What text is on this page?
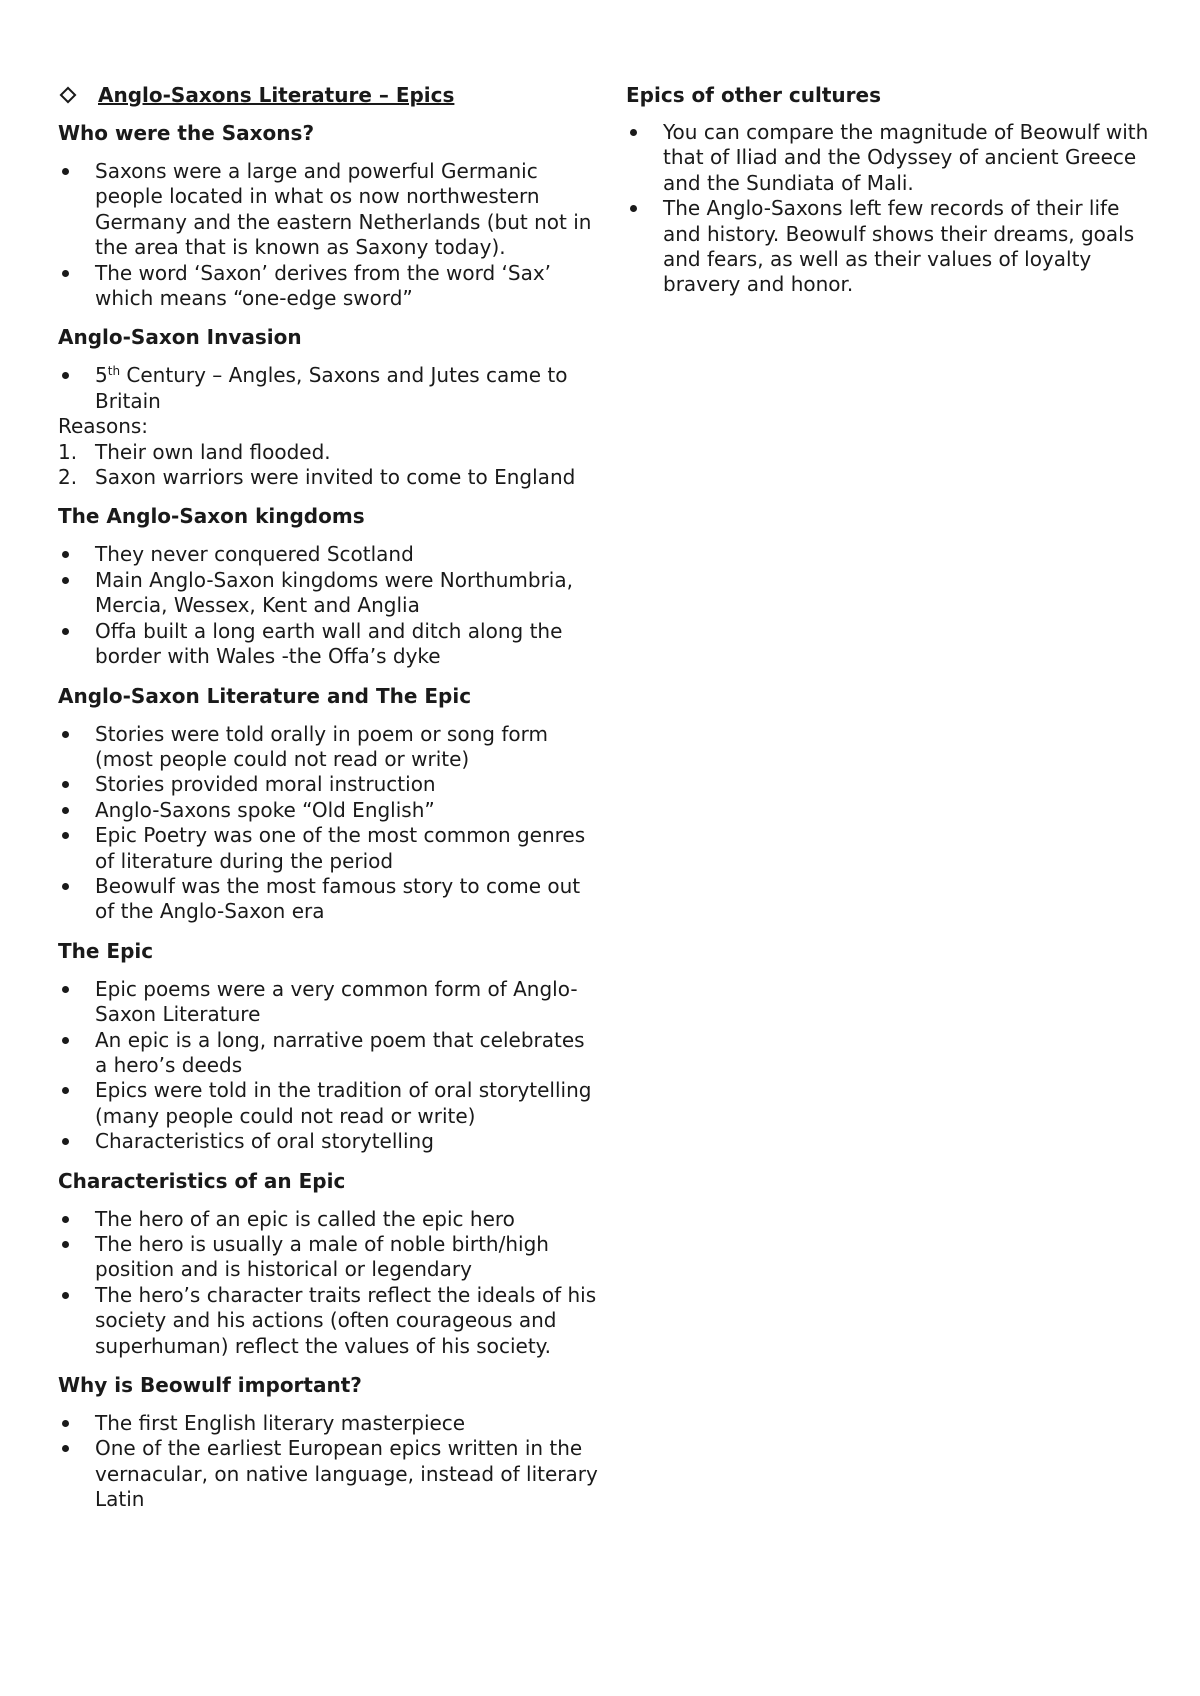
Anglo-Saxons Literature – Epics
Who were the Saxons?
Saxons were a large and powerful Germanic people located in what os now northwestern Germany and the eastern Netherlands (but not in the area that is known as Saxony today).
The word ‘Saxon’ derives from the word ‘Sax’ which means “one-edge sword”
Anglo-Saxon Invasion
5th Century – Angles, Saxons and Jutes came to Britain

Reasons:

1. Their own land flooded.
2. Saxon warriors were invited to come to England
The Anglo-Saxon kingdoms
They never conquered Scotland
Main Anglo-Saxon kingdoms were Northumbria, Mercia, Wessex, Kent and Anglia
Offa built a long earth wall and ditch along the border with Wales -the Offa’s dyke
Anglo-Saxon Literature and The Epic
Stories were told orally in poem or song form (most people could not read or write)
Stories provided moral instruction
Anglo-Saxons spoke “Old English”
Epic Poetry was one of the most common genres of literature during the period
Beowulf was the most famous story to come out of the Anglo-Saxon era
The Epic
Epic poems were a very common form of Anglo-Saxon Literature
An epic is a long, narrative poem that celebrates a hero’s deeds
Epics were told in the tradition of oral storytelling (many people could not read or write)
Characteristics of oral storytelling
Characteristics of an Epic
The hero of an epic is called the epic hero
The hero is usually a male of noble birth/high position and is historical or legendary
The hero’s character traits reflect the ideals of his society and his actions (often courageous and superhuman) reflect the values of his society.
Why is Beowulf important?
The first English literary masterpiece
One of the earliest European epics written in the vernacular, on native language, instead of literary Latin
Epics of other cultures
You can compare the magnitude of Beowulf with that of Iliad and the Odyssey of ancient Greece and the Sundiata of Mali.
The Anglo-Saxons left few records of their life and history. Beowulf shows their dreams, goals and fears, as well as their values of loyalty bravery and honor.
